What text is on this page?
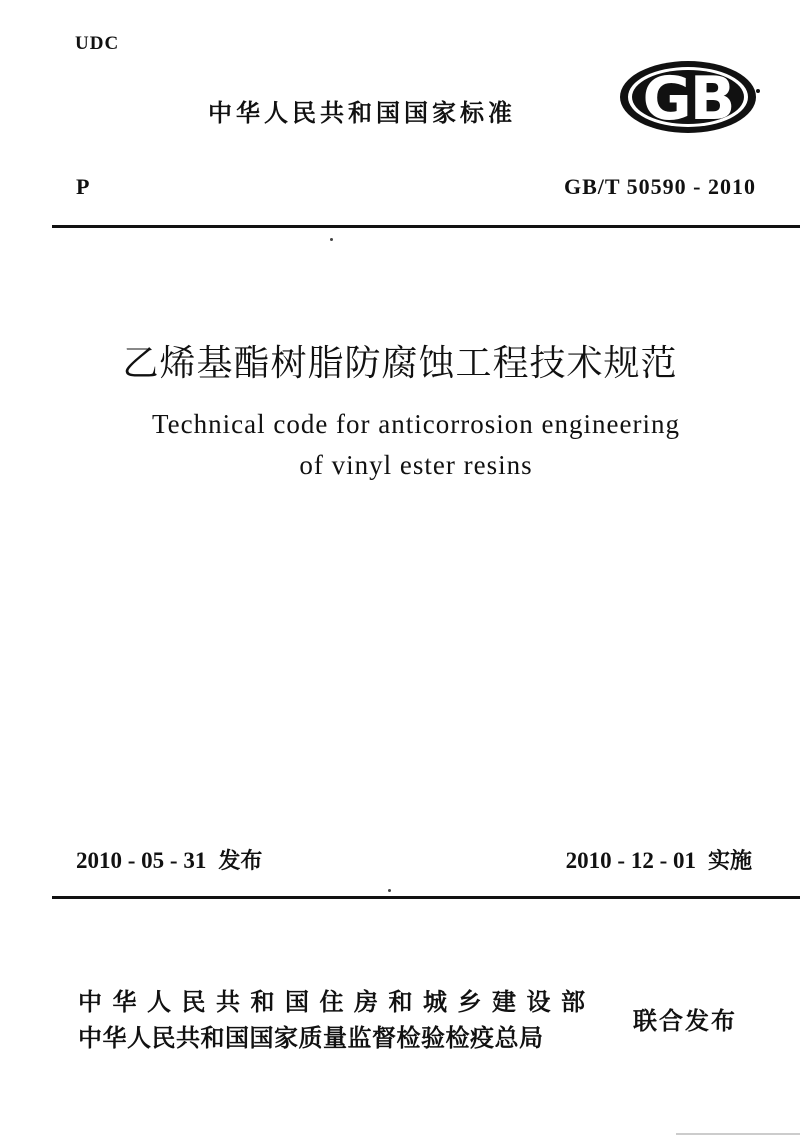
UDC
中华人民共和国国家标准 GB
P	GB/T 50590 - 2010
乙烯基酯树脂防腐蚀工程技术规范
Technical code for anticorrosion engineering
of vinyl ester resins
2010 - 05 - 31 发布	2010 - 12 - 01 实施
中华人民共和国住房和城乡建设部
中华人民共和国国家质量监督检验检疫总局
联合发布
